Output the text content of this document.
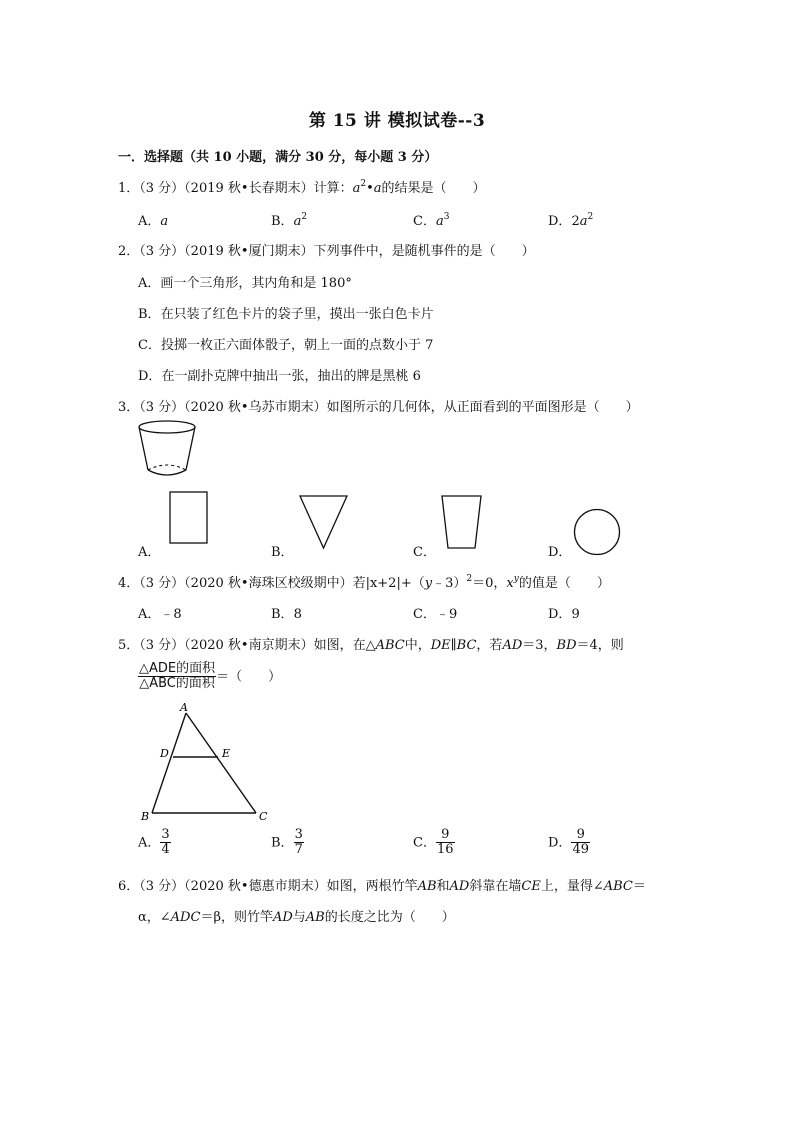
第 15 讲 模拟试卷--3
一．选择题（共 10 小题，满分 30 分，每小题 3 分）
1．（3 分）（2019 秋•长春期末）计算：$a^2•a$的结果是（　　）
A．a	B．$a^2$	C．$a^3$	D．$2a^2$
2．（3 分）（2019 秋•厦门期末）下列事件中，是随机事件的是（　　）
A．画一个三角形，其内角和是 180°
B．在只装了红色卡片的袋子里，摸出一张白色卡片
C．投掷一枚正六面体骰子，朝上一面的点数小于 7
D．在一副扑克牌中抽出一张，抽出的牌是黑桃 6
3．（3 分）（2020 秋•乌苏市期末）如图所示的几何体，从正面看到的平面图形是（　　）
A．	B．	C．	D．
4．（3 分）（2020 秋•海珠区校级期中）若|x+2|+（y﹣3）$^2$＝0，$x^y$的值是（　　）
A．﹣8	B．8	C．﹣9	D．9
5．（3 分）（2020 秋•南京期末）如图，在△ABC中，DE∥BC，若AD＝3，BD＝4，则
$\frac{\text{△ADE的面积}}{\text{△ABC的面积}}$ ＝（　　）
A
D	E
B	C
A． $\frac{3}{4}$	B． $\frac{3}{7}$	C． $\frac{9}{16}$	D． $\frac{9}{49}$
6．（3 分）（2020 秋•德惠市期末）如图，两根竹竿AB和AD斜靠在墙CE上，量得∠ABC＝
α，∠ADC＝β，则竹竿AD与AB的长度之比为（　　）
